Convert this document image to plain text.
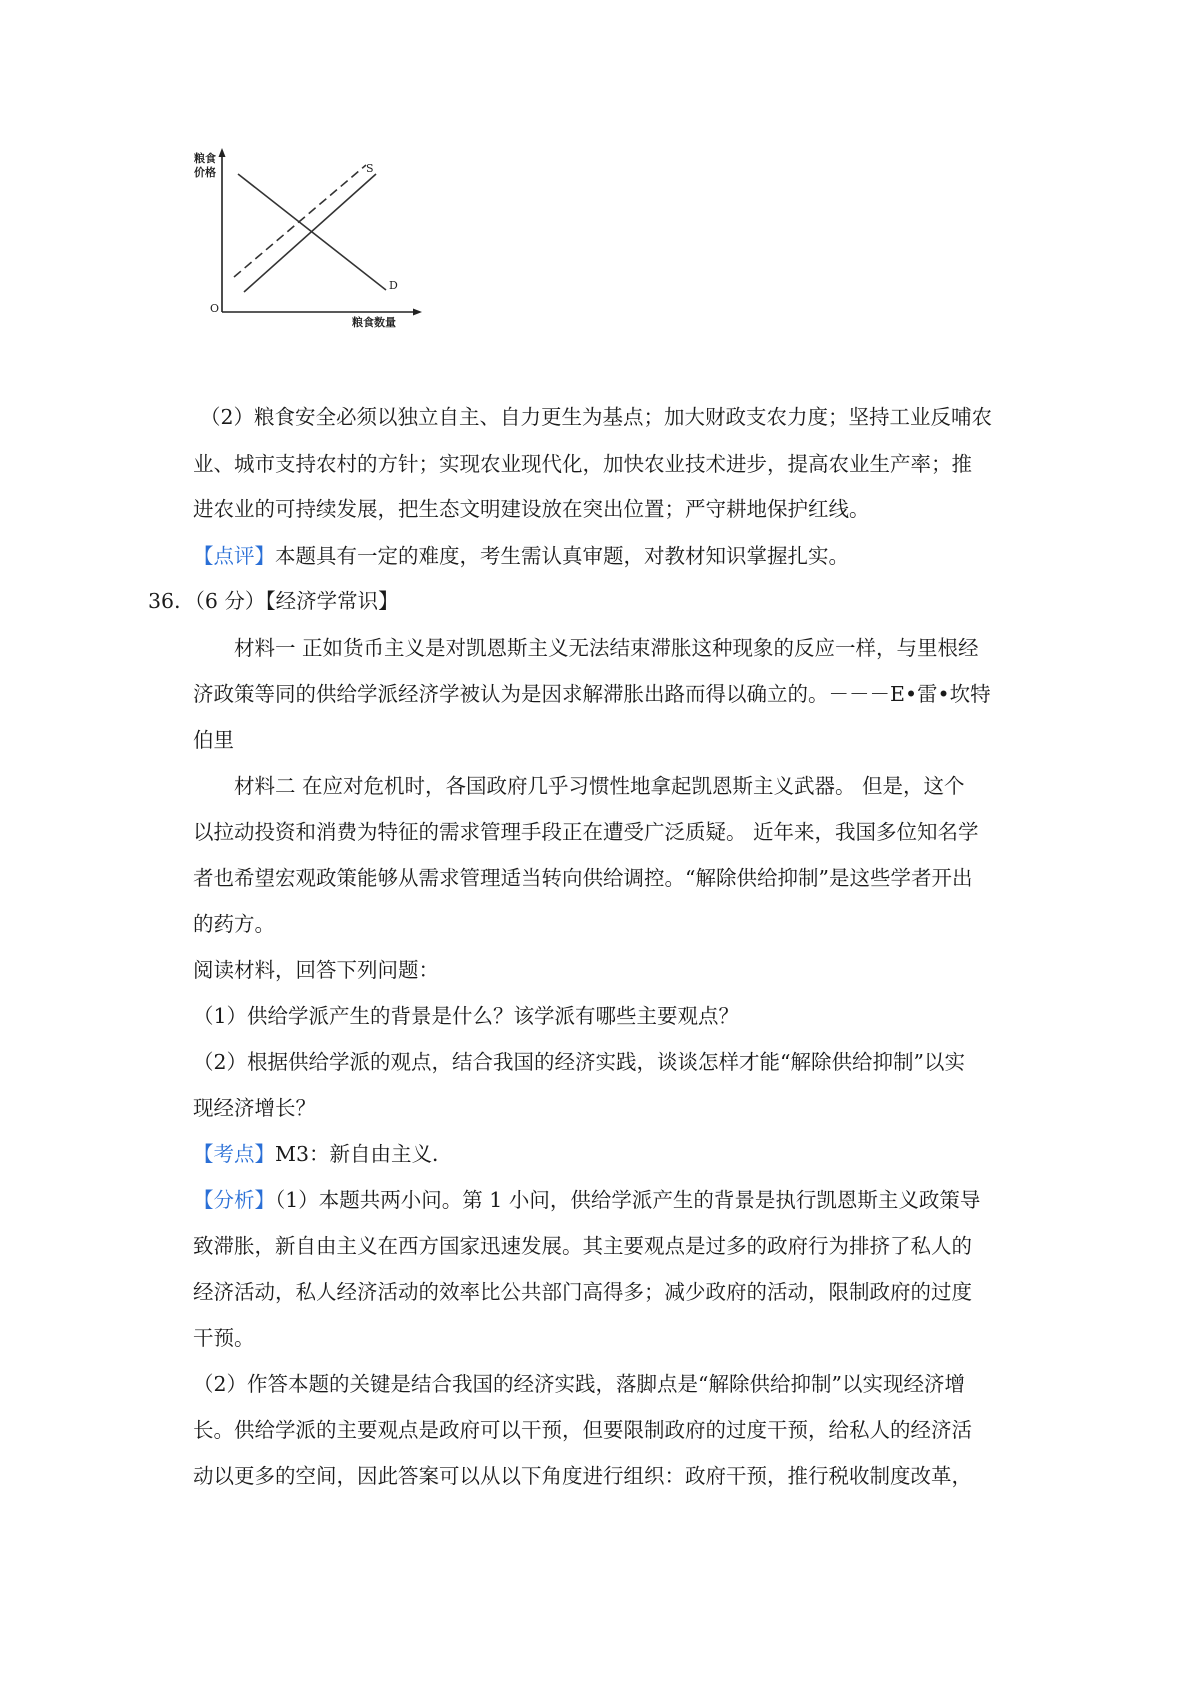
粮食
价格
O
粮食数量
D
S
（2）粮食安全必须以独立自主、自力更生为基点；加大财政支农力度；坚持工业反哺农
业、城市支持农村的方针；实现农业现代化，加快农业技术进步，提高农业生产率；推
进农业的可持续发展，把生态文明建设放在突出位置；严守耕地保护红线。
【点评】本题具有一定的难度，考生需认真审题，对教材知识掌握扎实。
36．（6 分）【经济学常识】
材料一 正如货币主义是对凯恩斯主义无法结束滞胀这种现象的反应一样，与里根经
济政策等同的供给学派经济学被认为是因求解滞胀出路而得以确立的。－－－E•雷•坎特
伯里
材料二 在应对危机时，各国政府几乎习惯性地拿起凯恩斯主义武器。 但是，这个
以拉动投资和消费为特征的需求管理手段正在遭受广泛质疑。 近年来，我国多位知名学
者也希望宏观政策能够从需求管理适当转向供给调控。“解除供给抑制”是这些学者开出
的药方。
阅读材料，回答下列问题：
（1）供给学派产生的背景是什么？该学派有哪些主要观点？
（2）根据供给学派的观点，结合我国的经济实践，谈谈怎样才能“解除供给抑制”以实
现经济增长？
【考点】M3：新自由主义．
【分析】（1）本题共两小问。第 1 小问，供给学派产生的背景是执行凯恩斯主义政策导
致滞胀，新自由主义在西方国家迅速发展。其主要观点是过多的政府行为排挤了私人的
经济活动，私人经济活动的效率比公共部门高得多；减少政府的活动，限制政府的过度
干预。
（2）作答本题的关键是结合我国的经济实践，落脚点是“解除供给抑制”以实现经济增
长。供给学派的主要观点是政府可以干预，但要限制政府的过度干预，给私人的经济活
动以更多的空间，因此答案可以从以下角度进行组织：政府干预，推行税收制度改革，
